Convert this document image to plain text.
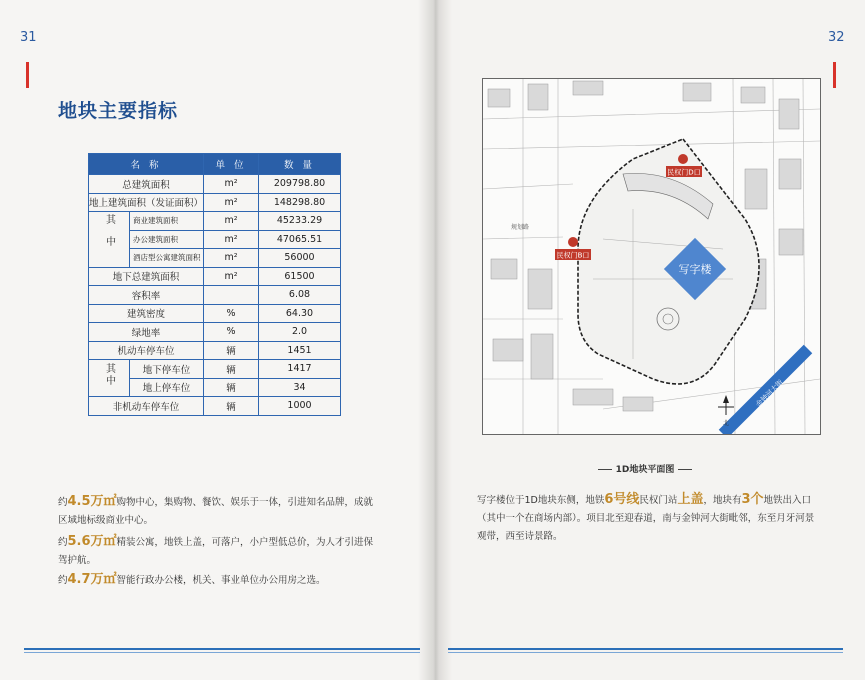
31
地块主要指标
名 称		单 位	数 量
总建筑面积		m²	209798.80
地上建筑面积（发证面积）		m²	148298.80
其中	商业建筑面积	m²	45233.29
	办公建筑面积	m²	47065.51
	酒店型公寓建筑面积	m²	56000
地下总建筑面积		m²	61500
容积率			6.08
建筑密度		%	64.30
绿地率		%	2.0
机动车停车位		辆	1451
其中	地下停车位	辆	1417
	地上停车位	辆	34
非机动车停车位		辆	1000
约4.5万㎡购物中心，集购物、餐饮、娱乐于一体，引进知名品牌，成就区域地标级商业中心。
约5.6万㎡精装公寓，地铁上盖，可落户，小户型低总价，为人才引进保驾护航。
约4.7万㎡智能行政办公楼，机关、事业单位办公用房之选。
32
写字楼
民权门D口
民权门B口
金钟河大街
北
规划路
1D地块平面图
写字楼位于1D地块东侧，地铁6号线民权门站上盖，地块有3个地铁出入口（其中一个在商场内部）。项目北至迎春道，南与金钟河大街毗邻，东至月牙河景观带，西至诗景路。
